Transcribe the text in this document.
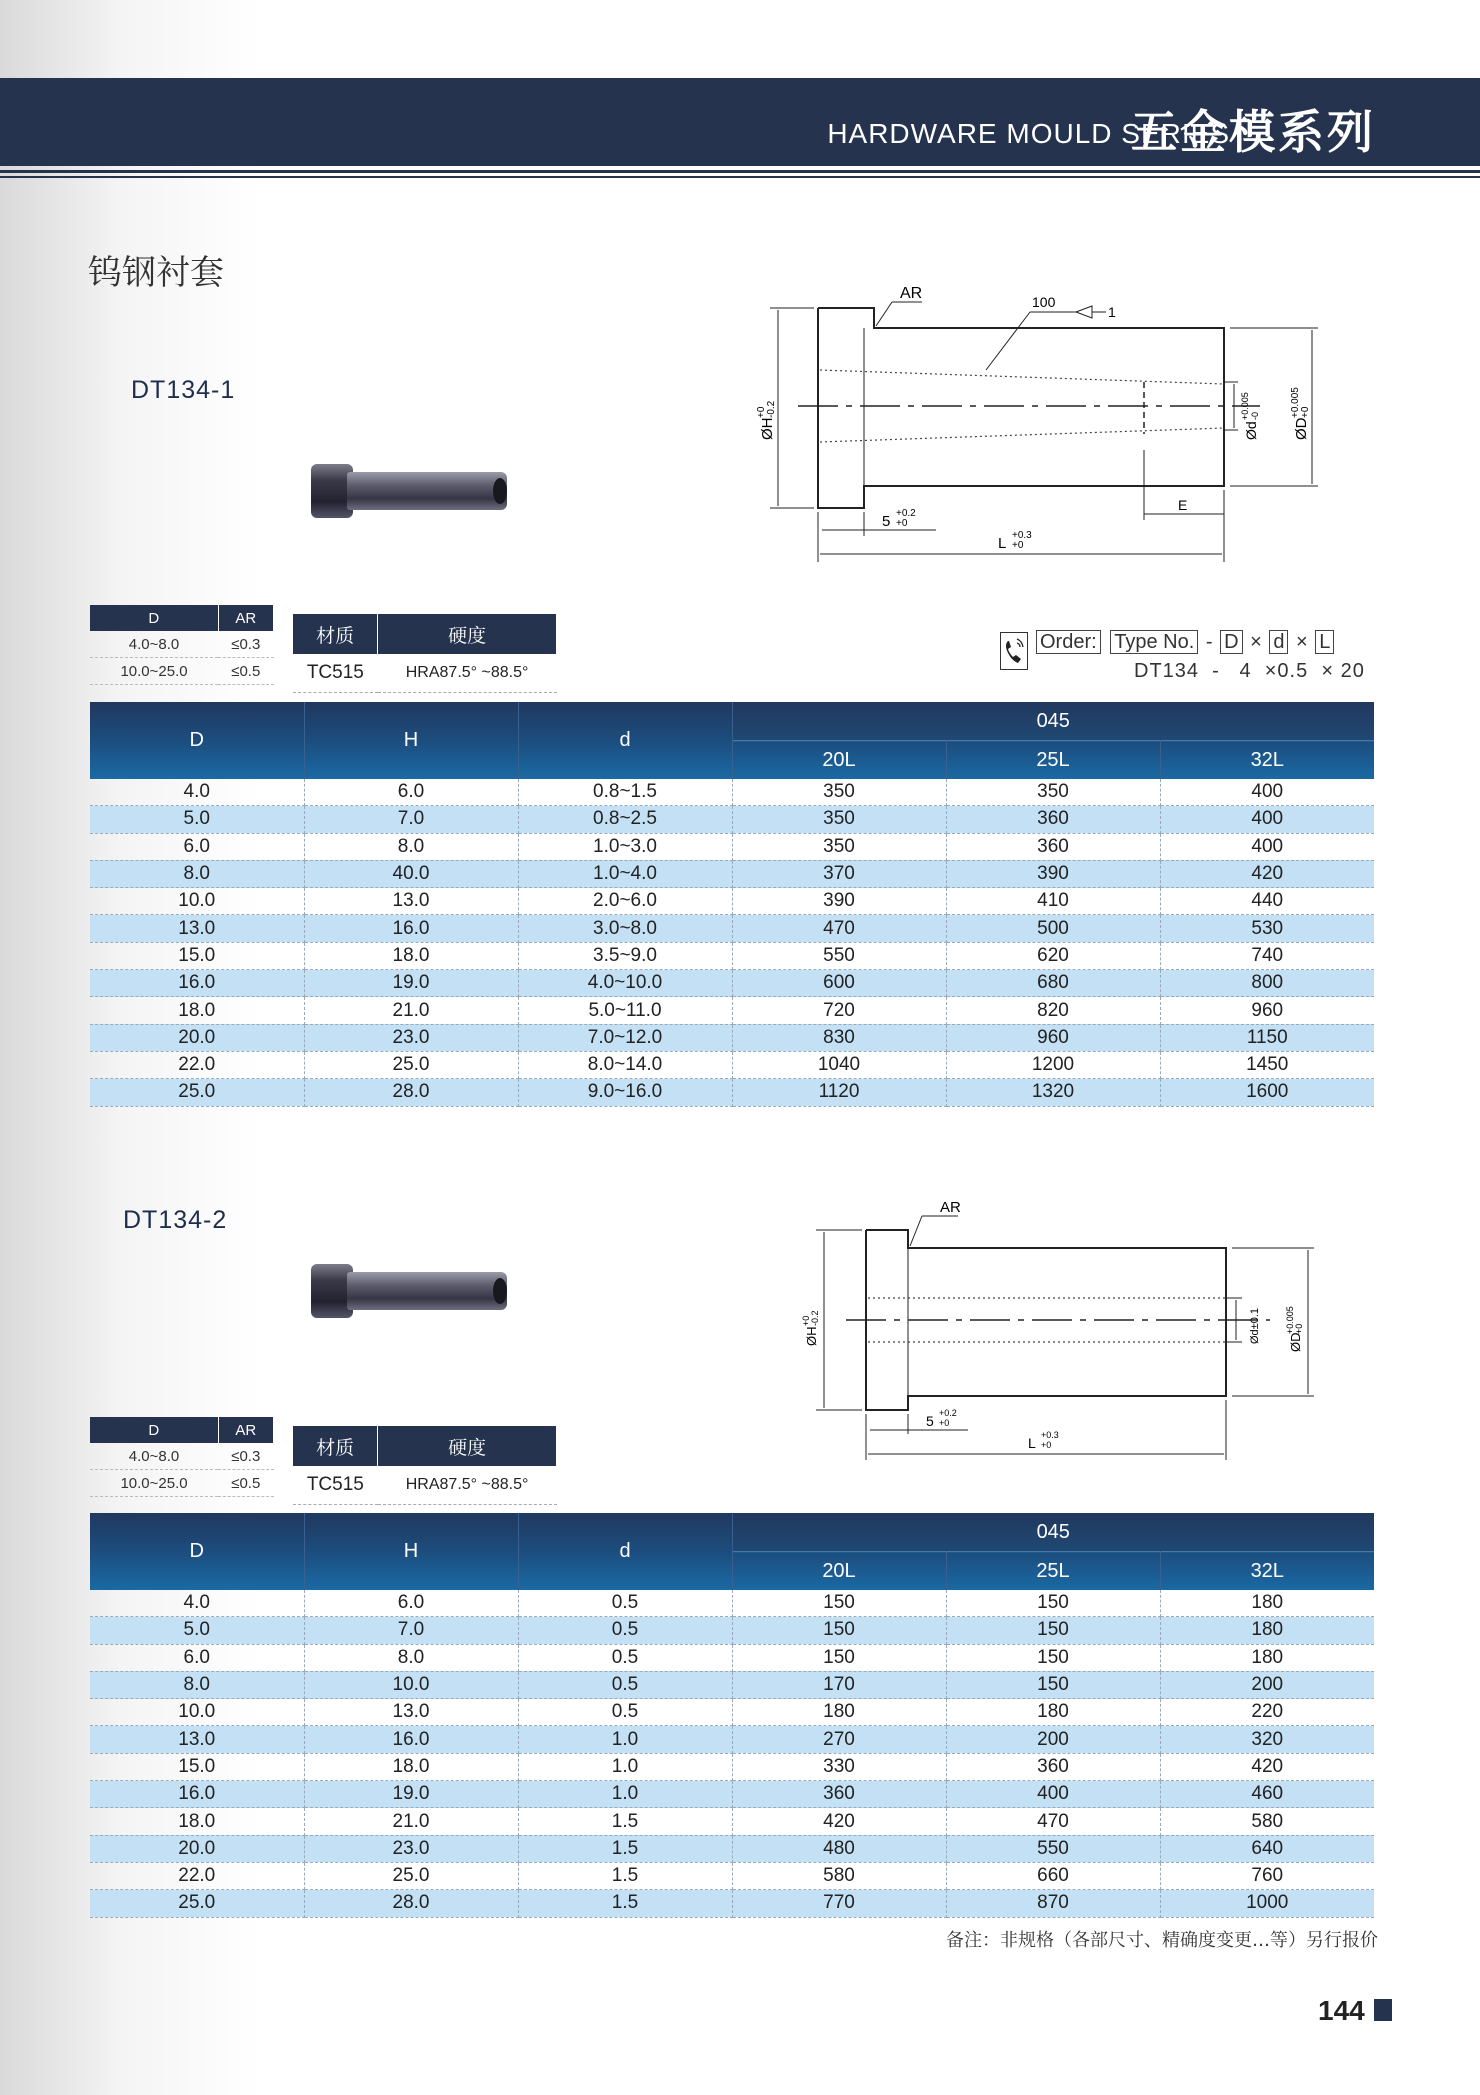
HARDWARE MOULD SERIES
五金模系列
钨钢衬套
DT134-1
E
AR	100
1
ØH
+0 -0.2
Ød
+0.005 -0
ØD
+0.005 +0
5 +0.2
+0
L +0.3
+0
D	AR
4.0~8.0	≤0.3
10.0~25.0	≤0.5
材质	硬度
TC515	HRA87.5° ~88.5°
Order: Type No. - D × d × L
DT134 - 4 ×0.5 × 20
D	H	d	045		
			20L	25L	32L
4.0	6.0	0.8~1.5	350	350	400
5.0	7.0	0.8~2.5	350	360	400
6.0	8.0	1.0~3.0	350	360	400
8.0	40.0	1.0~4.0	370	390	420
10.0	13.0	2.0~6.0	390	410	440
13.0	16.0	3.0~8.0	470	500	530
15.0	18.0	3.5~9.0	550	620	740
16.0	19.0	4.0~10.0	600	680	800
18.0	21.0	5.0~11.0	720	820	960
20.0	23.0	7.0~12.0	830	960	1150
22.0	25.0	8.0~14.0	1040	1200	1450
25.0	28.0	9.0~16.0	1120	1320	1600
DT134-2	AR
ØH
+0 -0.2	Ød±0.1 ØD
+0.005 +0
5 +0.2
+0
L +0.3
+0
D	AR
4.0~8.0	≤0.3
10.0~25.0	≤0.5
材质	硬度
TC515	HRA87.5° ~88.5°
D	H	d	045		
			20L	25L	32L
4.0	6.0	0.5	150	150	180
5.0	7.0	0.5	150	150	180
6.0	8.0	0.5	150	150	180
8.0	10.0	0.5	170	150	200
10.0	13.0	0.5	180	180	220
13.0	16.0	1.0	270	200	320
15.0	18.0	1.0	330	360	420
16.0	19.0	1.0	360	400	460
18.0	21.0	1.5	420	470	580
20.0	23.0	1.5	480	550	640
22.0	25.0	1.5	580	660	760
25.0	28.0	1.5	770	870	1000
备注：非规格（各部尺寸、精确度变更…等）另行报价
144
